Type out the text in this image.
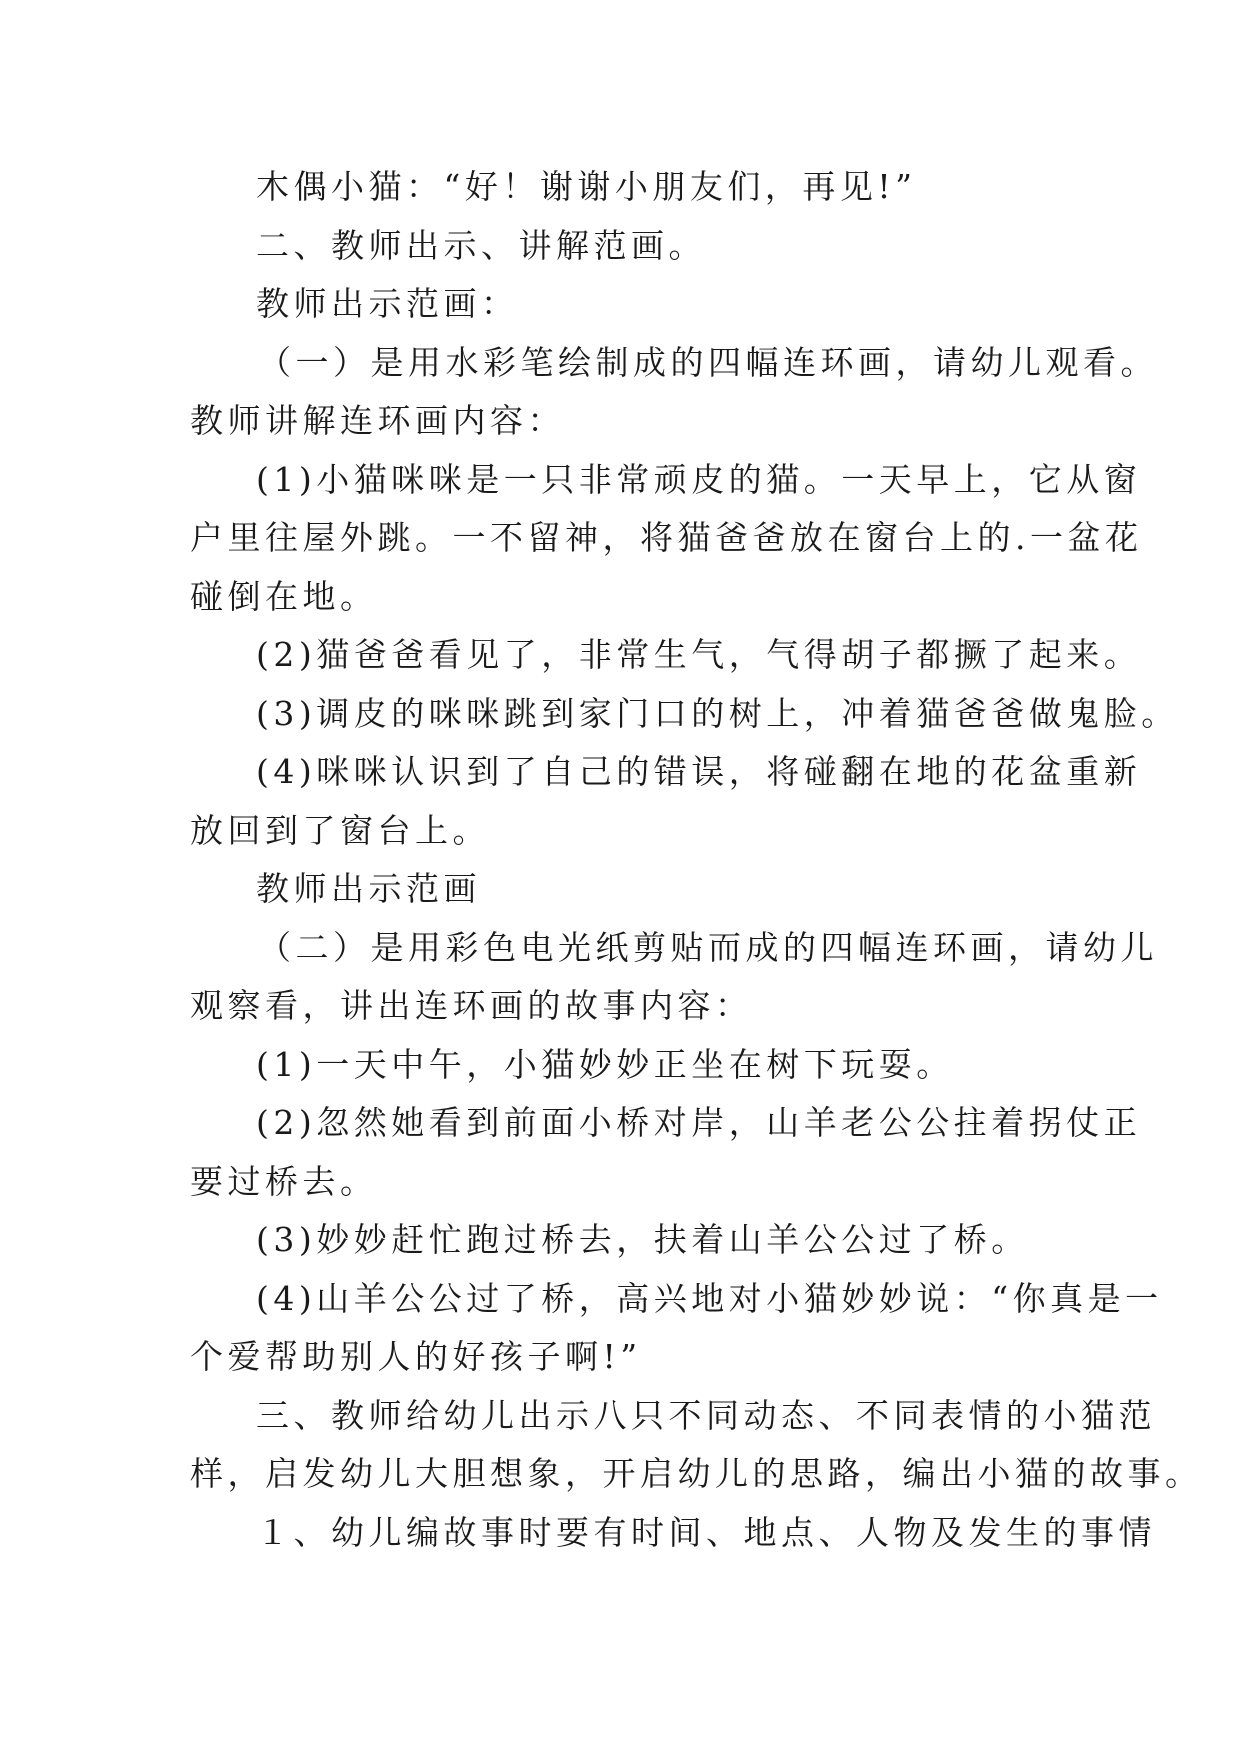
木偶小猫：“好！谢谢小朋友们，再见!”
二、教师出示、讲解范画。
教师出示范画：
（一）是用水彩笔绘制成的四幅连环画，请幼儿观看。
教师讲解连环画内容：
(1)小猫咪咪是一只非常顽皮的猫。一天早上，它从窗
户里往屋外跳。一不留神，将猫爸爸放在窗台上的.一盆花
碰倒在地。
(2)猫爸爸看见了，非常生气，气得胡子都撅了起来。
(3)调皮的咪咪跳到家门口的树上，冲着猫爸爸做鬼脸。
(4)咪咪认识到了自己的错误，将碰翻在地的花盆重新
放回到了窗台上。
教师出示范画
（二）是用彩色电光纸剪贴而成的四幅连环画，请幼儿
观察看，讲出连环画的故事内容：
(1)一天中午，小猫妙妙正坐在树下玩耍。
(2)忽然她看到前面小桥对岸，山羊老公公拄着拐仗正
要过桥去。
(3)妙妙赶忙跑过桥去，扶着山羊公公过了桥。
(4)山羊公公过了桥，高兴地对小猫妙妙说：“你真是一
个爱帮助别人的好孩子啊!”
三、教师给幼儿出示八只不同动态、不同表情的小猫范
样，启发幼儿大胆想象，开启幼儿的思路，编出小猫的故事。
１、幼儿编故事时要有时间、地点、人物及发生的事情
